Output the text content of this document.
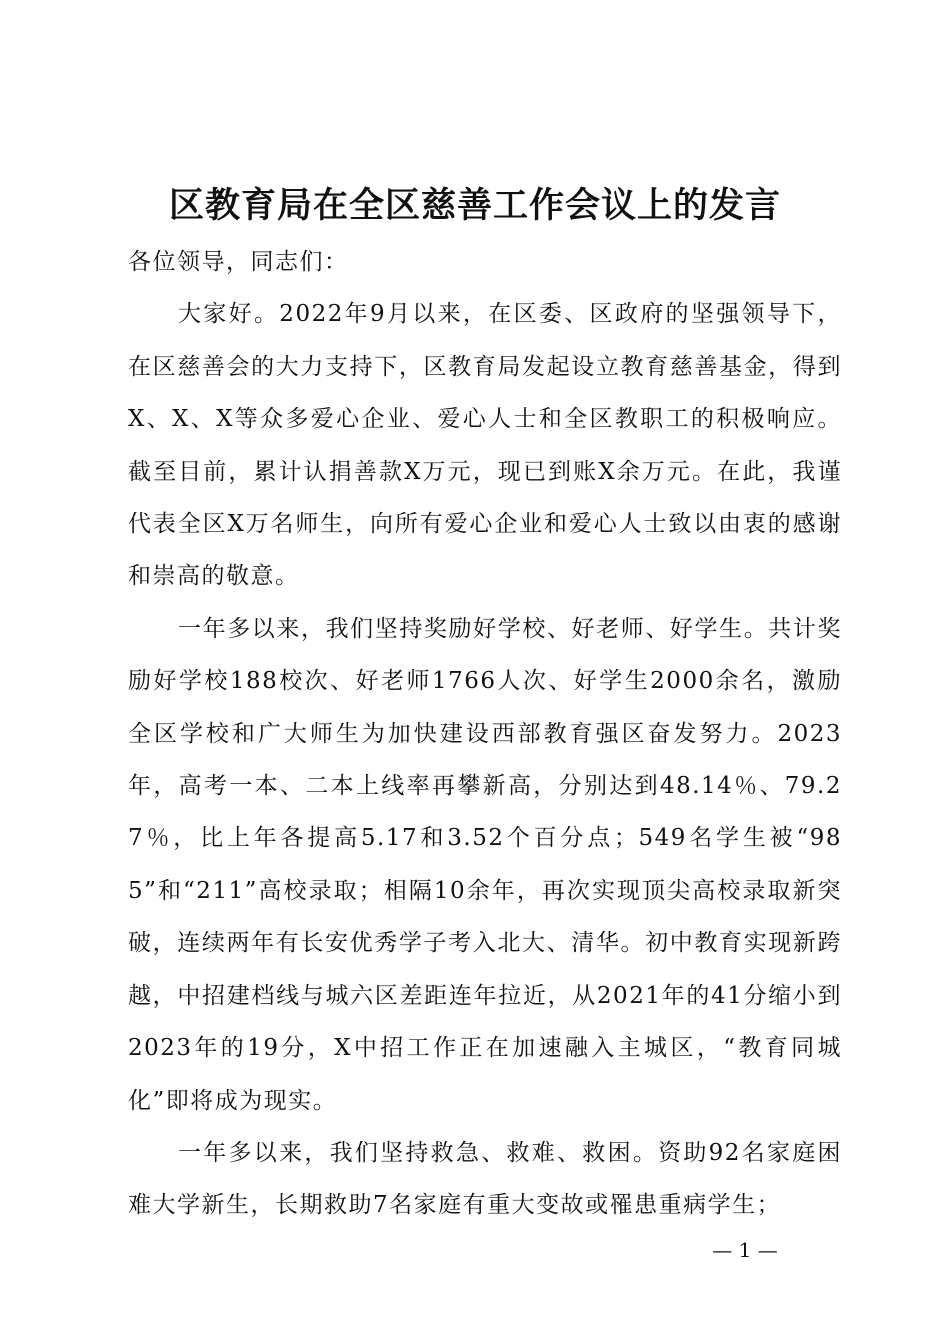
区教育局在全区慈善工作会议上的发言

各位领导，同志们：

大家好。2022年9月以来，在区委、区政府的坚强领导下，在区慈善会的大力支持下，区教育局发起设立教育慈善基金，得到X、X、X等众多爱心企业、爱心人士和全区教职工的积极响应。截至目前，累计认捐善款X万元，现已到账X余万元。在此，我谨代表全区X万名师生，向所有爱心企业和爱心人士致以由衷的感谢和崇高的敬意。

一年多以来，我们坚持奖励好学校、好老师、好学生。共计奖励好学校188校次、好老师1766人次、好学生2000余名，激励全区学校和广大师生为加快建设西部教育强区奋发努力。2023年，高考一本、二本上线率再攀新高，分别达到48.14％、79.27％，比上年各提高5.17和3.52个百分点；549名学生被“985”和“211”高校录取；相隔10余年，再次实现顶尖高校录取新突破，连续两年有长安优秀学子考入北大、清华。初中教育实现新跨越，中招建档线与城六区差距连年拉近，从2021年的41分缩小到2023年的19分，X中招工作正在加速融入主城区，“教育同城化”即将成为现实。

一年多以来，我们坚持救急、救难、救困。资助92名家庭困难大学新生，长期救助7名家庭有重大变故或罹患重病学生；

— 1 —
